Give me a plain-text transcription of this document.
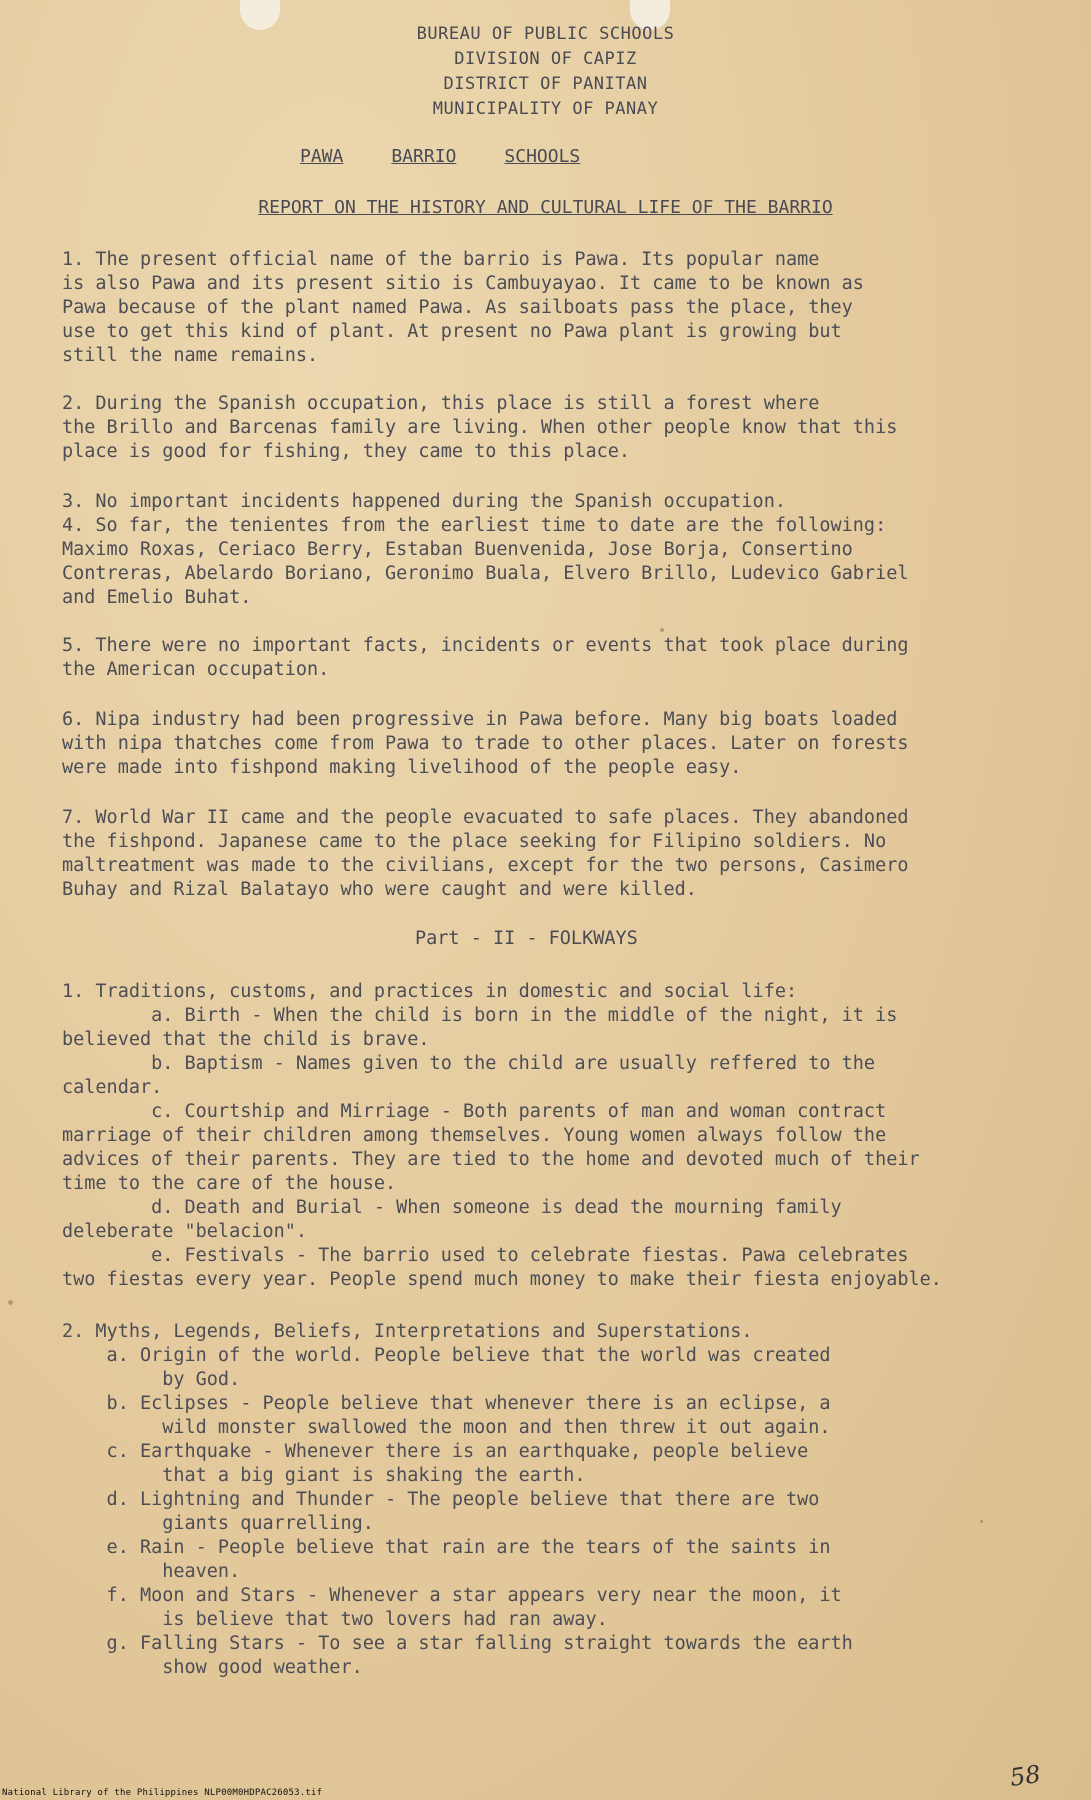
BUREAU OF PUBLIC SCHOOLS
DIVISION OF CAPIZ
DISTRICT OF PANITAN
MUNICIPALITY OF PANAY
PAWA	BARRIO	SCHOOLS
REPORT ON THE HISTORY AND CULTURAL LIFE OF THE BARRIO
1. The present official name of the barrio is Pawa. Its popular name
is also Pawa and its present sitio is Cambuyayao. It came to be known as
Pawa because of the plant named Pawa. As sailboats pass the place, they
use to get this kind of plant. At present no Pawa plant is growing but
still the name remains.
2. During the Spanish occupation, this place is still a forest where
the Brillo and Barcenas family are living. When other people know that this
place is good for fishing, they came to this place.
3. No important incidents happened during the Spanish occupation.
4. So far, the tenientes from the earliest time to date are the following:
Maximo Roxas, Ceriaco Berry, Estaban Buenvenida, Jose Borja, Consertino
Contreras, Abelardo Boriano, Geronimo Buala, Elvero Brillo, Ludevico Gabriel
and Emelio Buhat.
5. There were no important facts, incidents or events that took place during
the American occupation.
6. Nipa industry had been progressive in Pawa before. Many big boats loaded
with nipa thatches come from Pawa to trade to other places. Later on forests
were made into fishpond making livelihood of the people easy.
7. World War II came and the people evacuated to safe places. They abandoned
the fishpond. Japanese came to the place seeking for Filipino soldiers. No
maltreatment was made to the civilians, except for the two persons, Casimero
Buhay and Rizal Balatayo who were caught and were killed.
Part - II - FOLKWAYS
1. Traditions, customs, and practices in domestic and social life:
a. Birth - When the child is born in the middle of the night, it is
believed that the child is brave.
b. Baptism - Names given to the child are usually reffered to the
calendar.
c. Courtship and Mirriage - Both parents of man and woman contract
marriage of their children among themselves. Young women always follow the
advices of their parents. They are tied to the home and devoted much of their
time to the care of the house.
d. Death and Burial - When someone is dead the mourning family
deleberate "belacion".
e. Festivals - The barrio used to celebrate fiestas. Pawa celebrates
two fiestas every year. People spend much money to make their fiesta enjoyable.
2. Myths, Legends, Beliefs, Interpretations and Superstations.
a. Origin of the world. People believe that the world was created
by God.
b. Eclipses - People believe that whenever there is an eclipse, a
wild monster swallowed the moon and then threw it out again.
c. Earthquake - Whenever there is an earthquake, people believe
that a big giant is shaking the earth.
d. Lightning and Thunder - The people believe that there are two
giants quarrelling.
e. Rain - People believe that rain are the tears of the saints in
heaven.
f. Moon and Stars - Whenever a star appears very near the moon, it
is believe that two lovers had ran away.
g. Falling Stars - To see a star falling straight towards the earth
show good weather.
58
National Library of the Philippines NLP00M0HDPAC26053.tif
